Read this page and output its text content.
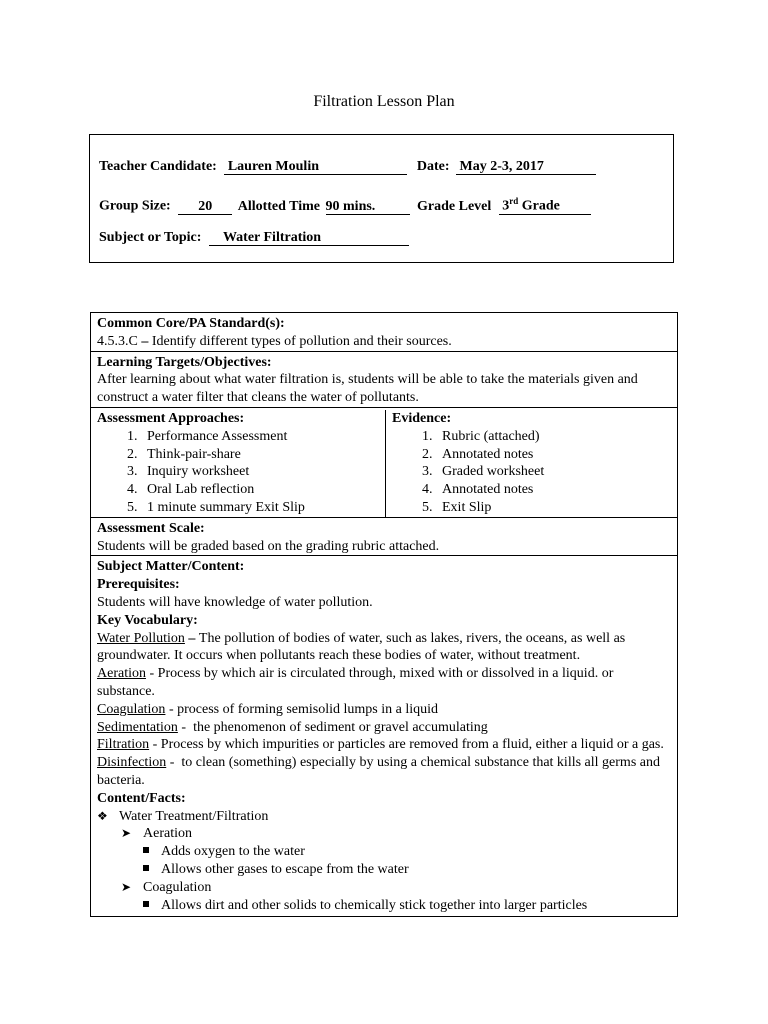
Filtration Lesson Plan
Teacher Candidate: Lauren Moulin	Date: May 2-3, 2017
Group Size: 20 Allotted Time 90 mins.	Grade Level 3rd Grade
Subject or Topic: Water Filtration
Common Core/PA Standard(s):
4.5.3.C – Identify different types of pollution and their sources.
Learning Targets/Objectives:
After learning about what water filtration is, students will be able to take the materials given and construct a water filter that cleans the water of pollutants.
Assessment Approaches:
1. Performance Assessment
2. Think-pair-share
3. Inquiry worksheet
4. Oral Lab reflection
5. 1 minute summary Exit Slip
Evidence:
1. Rubric (attached)
2. Annotated notes
3. Graded worksheet
4. Annotated notes
5. Exit Slip
Assessment Scale:
Students will be graded based on the grading rubric attached.
Subject Matter/Content:
Prerequisites:
Students will have knowledge of water pollution.
Key Vocabulary:
Water Pollution – The pollution of bodies of water, such as lakes, rivers, the oceans, as well as groundwater. It occurs when pollutants reach these bodies of water, without treatment.
Aeration - Process by which air is circulated through, mixed with or dissolved in a liquid. or substance.
Coagulation - process of forming semisolid lumps in a liquid
Sedimentation -  the phenomenon of sediment or gravel accumulating
Filtration - Process by which impurities or particles are removed from a fluid, either a liquid or a gas.
Disinfection -  to clean (something) especially by using a chemical substance that kills all germs and bacteria.
Content/Facts:
❖ Water Treatment/Filtration
➤ Aeration
Adds oxygen to the water
Allows other gases to escape from the water
➤ Coagulation
Allows dirt and other solids to chemically stick together into larger particles
